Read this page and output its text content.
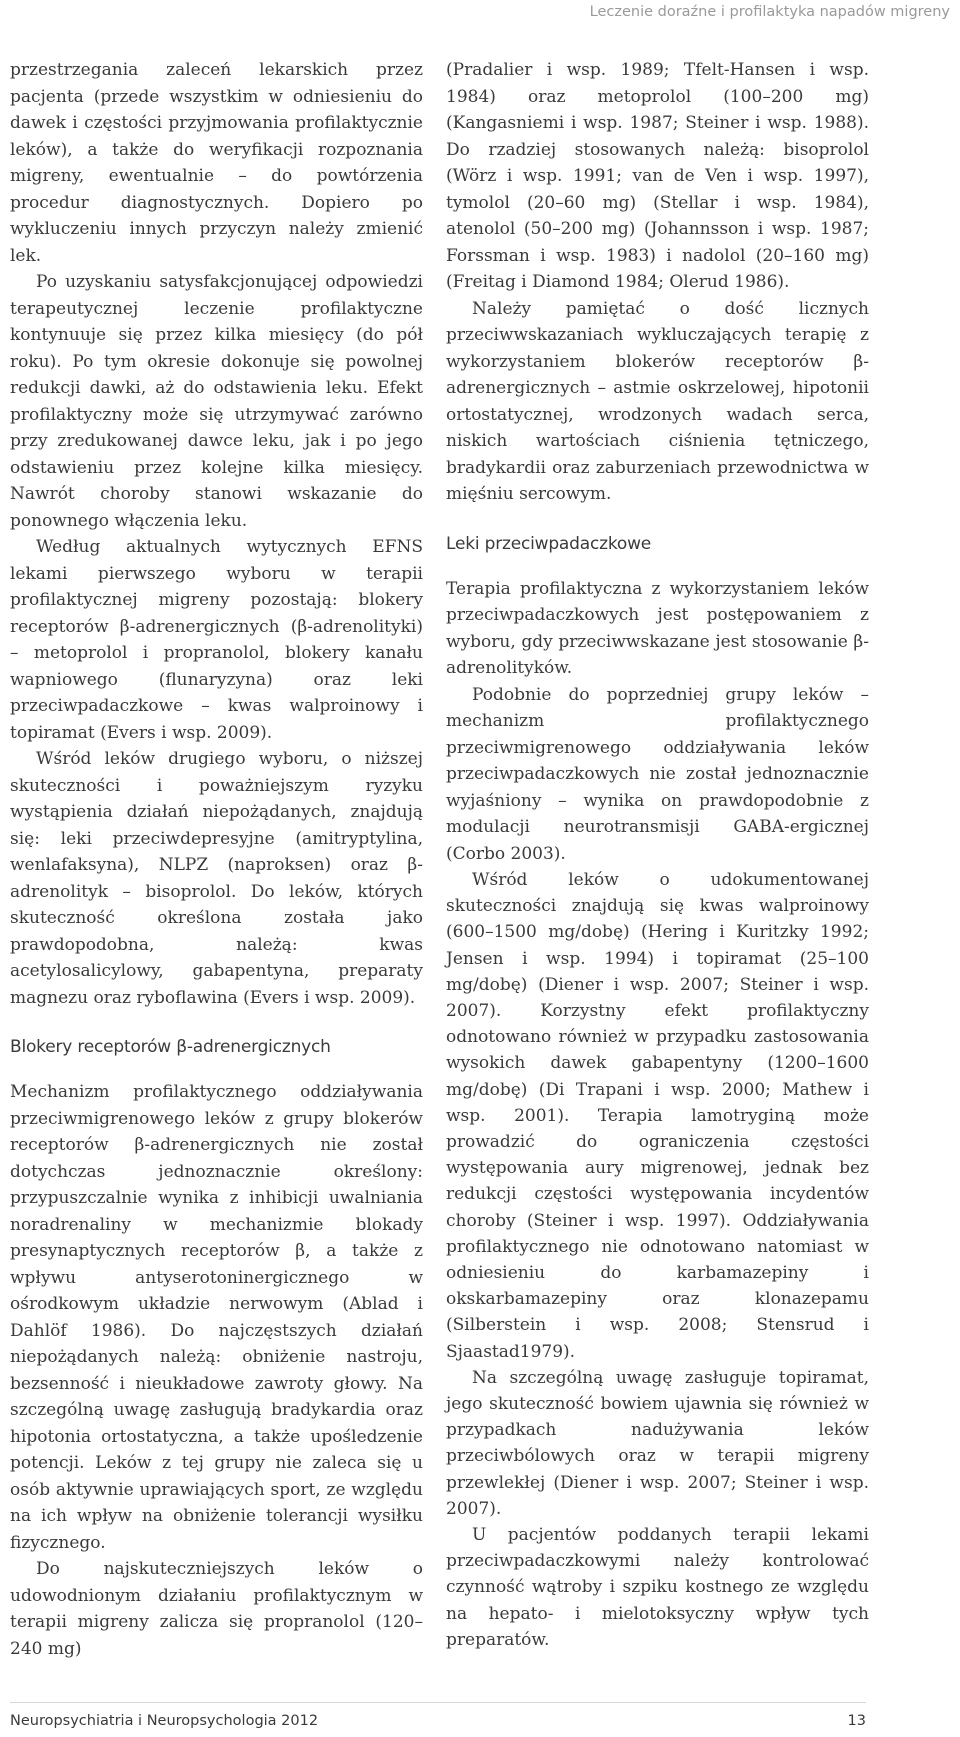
Leczenie doraźne i profilaktyka napadów migreny

przestrzegania zaleceń lekarskich przez pacjenta (przede wszystkim w odniesieniu do dawek i częstości przyjmowania profilaktycznie leków), a także do weryfikacji rozpoznania migreny, ewentualnie – do powtórzenia procedur diagnostycznych. Dopiero po wykluczeniu innych przyczyn należy zmienić lek.

Po uzyskaniu satysfakcjonującej odpowiedzi terapeutycznej leczenie profilaktyczne kontynuuje się przez kilka miesięcy (do pół roku). Po tym okresie dokonuje się powolnej redukcji dawki, aż do odstawienia leku. Efekt profilaktyczny może się utrzymywać zarówno przy zredukowanej dawce leku, jak i po jego odstawieniu przez kolejne kilka miesięcy. Nawrót choroby stanowi wskazanie do ponownego włączenia leku.

Według aktualnych wytycznych EFNS lekami pierwszego wyboru w terapii profilaktycznej migreny pozostają: blokery receptorów β-adrenergicznych (β-adrenolityki) – metoprolol i propranolol, blokery kanału wapniowego (flunaryzyna) oraz leki przeciwpadaczkowe – kwas walproinowy i topiramat (Evers i wsp. 2009).

Wśród leków drugiego wyboru, o niższej skuteczności i poważniejszym ryzyku wystąpienia działań niepożądanych, znajdują się: leki przeciwdepresyjne (amitryptylina, wenlafaksyna), NLPZ (naproksen) oraz β-adrenolityk – bisoprolol. Do leków, których skuteczność określona została jako prawdopodobna, należą: kwas acetylosalicylowy, gabapentyna, preparaty magnezu oraz ryboflawina (Evers i wsp. 2009).

Blokery receptorów β-adrenergicznych

Mechanizm profilaktycznego oddziaływania przeciwmigrenowego leków z grupy blokerów receptorów β-adrenergicznych nie został dotychczas jednoznacznie określony: przypuszczalnie wynika z inhibicji uwalniania noradrenaliny w mechanizmie blokady presynaptycznych receptorów β, a także z wpływu antyserotoninergicznego w ośrodkowym układzie nerwowym (Ablad i Dahlöf 1986). Do najczęstszych działań niepożądanych należą: obniżenie nastroju, bezsenność i nieukładowe zawroty głowy. Na szczególną uwagę zasługują bradykardia oraz hipotonia ortostatyczna, a także upośledzenie potencji. Leków z tej grupy nie zaleca się u osób aktywnie uprawiających sport, ze względu na ich wpływ na obniżenie tolerancji wysiłku fizycznego.

Do najskuteczniejszych leków o udowodnionym działaniu profilaktycznym w terapii migreny zalicza się propranolol (120–240 mg)

(Pradalier i wsp. 1989; Tfelt-Hansen i wsp. 1984) oraz metoprolol (100–200 mg) (Kangasniemi i wsp. 1987; Steiner i wsp. 1988). Do rzadziej stosowanych należą: bisoprolol (Wörz i wsp. 1991; van de Ven i wsp. 1997), tymolol (20–60 mg) (Stellar i wsp. 1984), atenolol (50–200 mg) (Johannsson i wsp. 1987; Forssman i wsp. 1983) i nadolol (20–160 mg) (Freitag i Diamond 1984; Olerud 1986).

Należy pamiętać o dość licznych przeciwwskazaniach wykluczających terapię z wykorzystaniem blokerów receptorów β-adrenergicznych – astmie oskrzelowej, hipotonii ortostatycznej, wrodzonych wadach serca, niskich wartościach ciśnienia tętniczego, bradykardii oraz zaburzeniach przewodnictwa w mięśniu sercowym.

Leki przeciwpadaczkowe

Terapia profilaktyczna z wykorzystaniem leków przeciwpadaczkowych jest postępowaniem z wyboru, gdy przeciwwskazane jest stosowanie β-adrenolityków.

Podobnie do poprzedniej grupy leków – mechanizm profilaktycznego przeciwmigrenowego oddziaływania leków przeciwpadaczkowych nie został jednoznacznie wyjaśniony – wynika on prawdopodobnie z modulacji neurotransmisji GABA-ergicznej (Corbo 2003).

Wśród leków o udokumentowanej skuteczności znajdują się kwas walproinowy (600–1500 mg/dobę) (Hering i Kuritzky 1992; Jensen i wsp. 1994) i topiramat (25–100 mg/dobę) (Diener i wsp. 2007; Steiner i wsp. 2007). Korzystny efekt profilaktyczny odnotowano również w przypadku zastosowania wysokich dawek gabapentyny (1200–1600 mg/dobę) (Di Trapani i wsp. 2000; Mathew i wsp. 2001). Terapia lamotryginą może prowadzić do ograniczenia częstości występowania aury migrenowej, jednak bez redukcji częstości występowania incydentów choroby (Steiner i wsp. 1997). Oddziaływania profilaktycznego nie odnotowano natomiast w odniesieniu do karbamazepiny i okskarbamazepiny oraz klonazepamu (Silberstein i wsp. 2008; Stensrud i Sjaastad1979).

Na szczególną uwagę zasługuje topiramat, jego skuteczność bowiem ujawnia się również w przypadkach nadużywania leków przeciwbólowych oraz w terapii migreny przewlekłej (Diener i wsp. 2007; Steiner i wsp. 2007).

U pacjentów poddanych terapii lekami przeciwpadaczkowymi należy kontrolować czynność wątroby i szpiku kostnego ze względu na hepato- i mielotoksyczny wpływ tych preparatów.

Neuropsychiatria i Neuropsychologia 2012	13
